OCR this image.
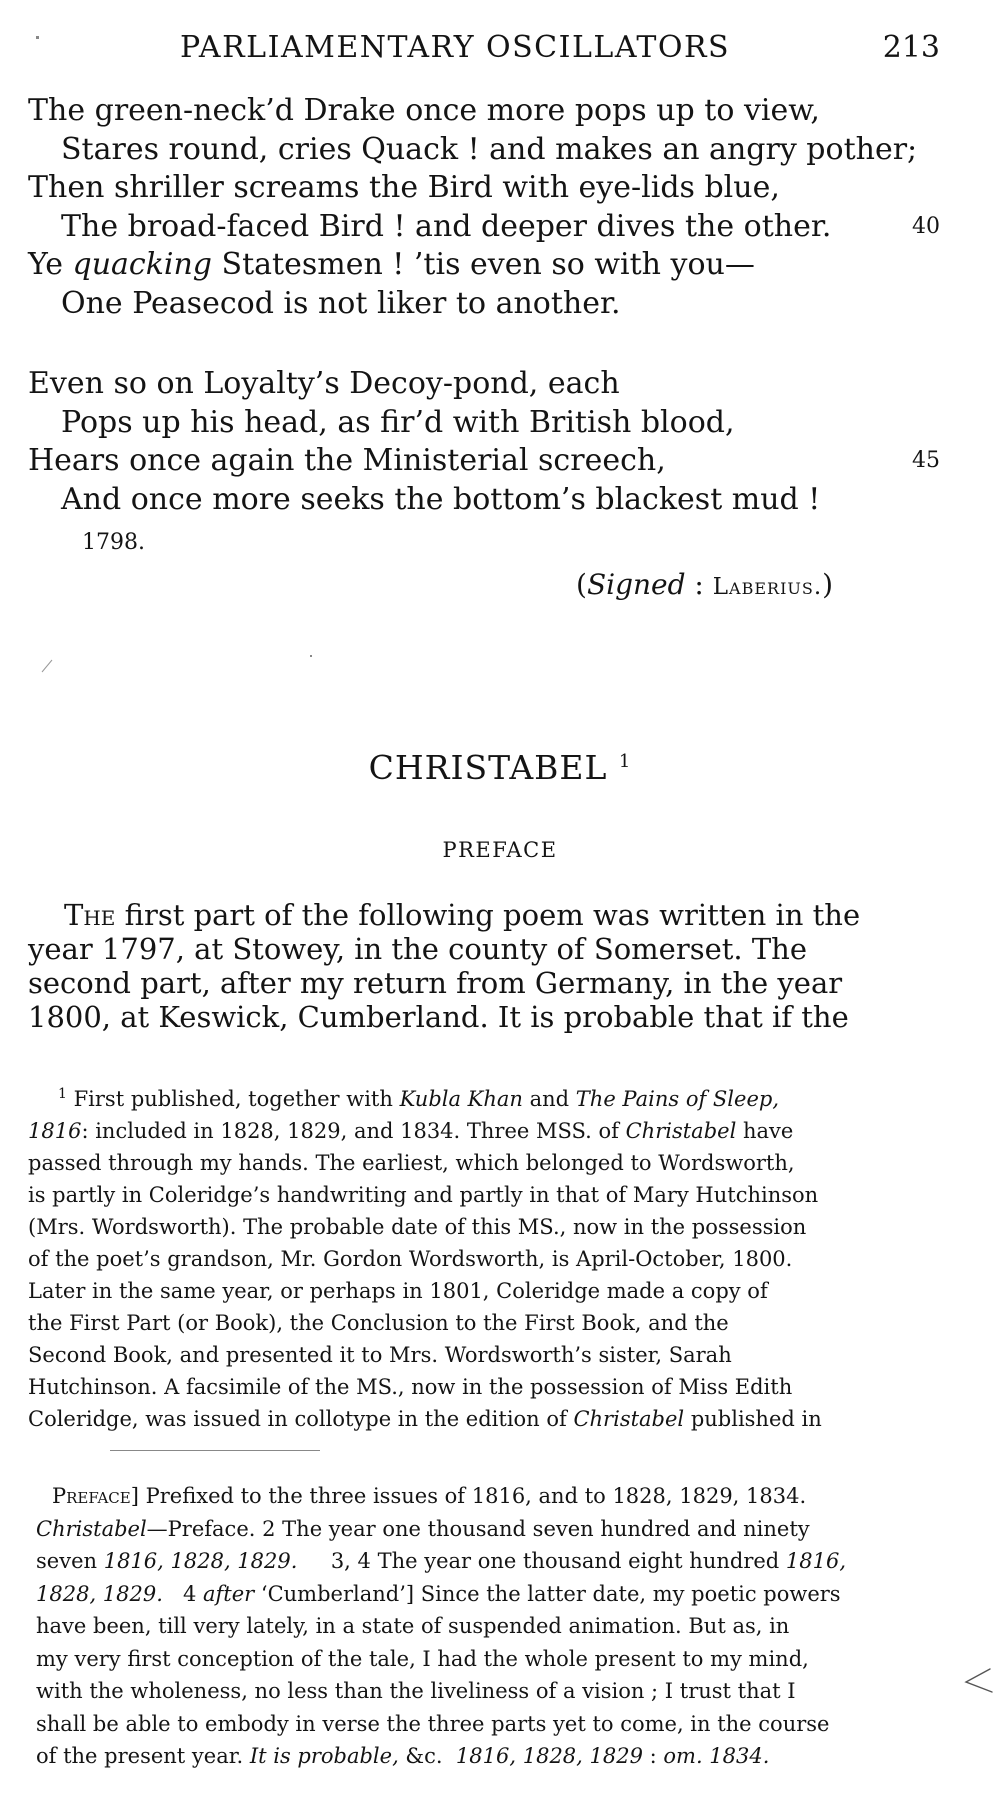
PARLIAMENTARY OSCILLATORS	213
The green-neck’d Drake once more pops up to view,
Stares round, cries Quack ! and makes an angry pother;
Then shriller screams the Bird with eye-lids blue,
The broad-faced Bird ! and deeper dives the other.	40
Ye quacking Statesmen ! ’tis even so with you—
One Peasecod is not liker to another.
Even so on Loyalty’s Decoy-pond, each
Pops up his head, as fir’d with British blood,
Hears once again the Ministerial screech,	45
And once more seeks the bottom’s blackest mud !
1798.
(Signed : Laberius.)
CHRISTABEL $^1$
PREFACE
The first part of the following poem was written in the
year 1797, at Stowey, in the county of Somerset. The
second part, after my return from Germany, in the year
1800, at Keswick, Cumberland. It is probable that if the
$^1$ First published, together with Kubla Khan and The Pains of Sleep,
1816: included in 1828, 1829, and 1834. Three MSS. of Christabel have
passed through my hands. The earliest, which belonged to Wordsworth,
is partly in Coleridge’s handwriting and partly in that of Mary Hutchinson
(Mrs. Wordsworth). The probable date of this MS., now in the possession
of the poet’s grandson, Mr. Gordon Wordsworth, is April-October, 1800.
Later in the same year, or perhaps in 1801, Coleridge made a copy of
the First Part (or Book), the Conclusion to the First Book, and the
Second Book, and presented it to Mrs. Wordsworth’s sister, Sarah
Hutchinson. A facsimile of the MS., now in the possession of Miss Edith
Coleridge, was issued in collotype in the edition of Christabel published in
Preface] Prefixed to the three issues of 1816, and to 1828, 1829, 1834.
Christabel—Preface. 2 The year one thousand seven hundred and ninety
seven 1816, 1828, 1829. 3, 4 The year one thousand eight hundred 1816,
1828, 1829. 4 after ‘Cumberland’] Since the latter date, my poetic powers
have been, till very lately, in a state of suspended animation. But as, in
my very first conception of the tale, I had the whole present to my mind,
with the wholeness, no less than the liveliness of a vision ; I trust that I
shall be able to embody in verse the three parts yet to come, in the course
of the present year. It is probable, &c. 1816, 1828, 1829 : om. 1834.
